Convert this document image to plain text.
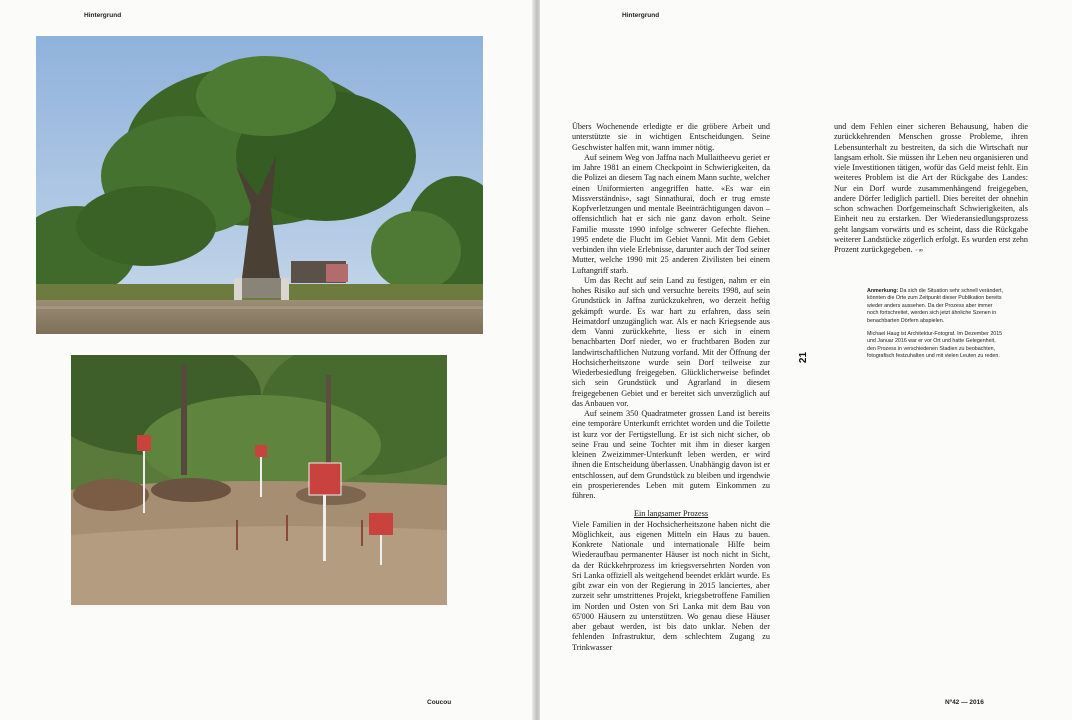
Hintergrund
Coucou
Hintergrund

Übers Wochenende erledigte er die gröbere Arbeit und unterstützte sie in wichtigen Entscheidungen. Seine Geschwister halfen mit, wann immer nötig.

Auf seinem Weg von Jaffna nach Mullaitheevu geriet er im Jahre 1981 an einem Checkpoint in Schwierigkeiten, da die Polizei an diesem Tag nach einem Mann suchte, welcher einen Uniformierten angegriffen hatte. «Es war ein Missverständnis», sagt Sinnathurai, doch er trug ernste Kopfverletzungen und mentale Beeinträchtigungen davon – offensichtlich hat er sich nie ganz davon erholt. Seine Familie musste 1990 infolge schwerer Gefechte fliehen. 1995 endete die Flucht im Gebiet Vanni. Mit dem Gebiet verbinden ihn viele Erlebnisse, darunter auch der Tod seiner Mutter, welche 1990 mit 25 anderen Zivilisten bei einem Luftangriff starb.

Um das Recht auf sein Land zu festigen, nahm er ein hohes Risiko auf sich und versuchte bereits 1998, auf sein Grundstück in Jaffna zurückzukehren, wo derzeit heftig gekämpft wurde. Es war hart zu erfahren, dass sein Heimatdorf unzugänglich war. Als er nach Kriegsende aus dem Vanni zurückkehrte, liess er sich in einem benachbarten Dorf nieder, wo er fruchtbaren Boden zur landwirtschaftlichen Nutzung vorfand. Mit der Öffnung der Hochsicherheitszone wurde sein Dorf teilweise zur Wiederbesiedlung freigegeben. Glücklicherweise befindet sich sein Grundstück und Agrarland in diesem freigegebenen Gebiet und er bereitet sich unverzüglich auf das Anbauen vor.

Auf seinem 350 Quadratmeter grossen Land ist bereits eine temporäre Unterkunft errichtet worden und die Toilette ist kurz vor der Fertigstellung. Er ist sich nicht sicher, ob seine Frau und seine Tochter mit ihm in dieser kargen kleinen Zweizimmer-Unterkunft leben werden, er wird ihnen die Entscheidung überlassen. Unabhängig davon ist er entschlossen, auf dem Grundstück zu bleiben und irgendwie ein prosperierendes Leben mit gutem Einkommen zu führen.

Ein langsamer Prozess

Viele Familien in der Hochsicherheitszone haben nicht die Möglichkeit, aus eigenen Mitteln ein Haus zu bauen. Konkrete Nationale und internationale Hilfe beim Wiederaufbau permanenter Häuser ist noch nicht in Sicht, da der Rückkehrprozess im kriegsversehrten Norden von Sri Lanka offiziell als weitgehend beendet erklärt wurde. Es gibt zwar ein von der Regierung in 2015 lanciertes, aber zurzeit sehr umstrittenes Projekt, kriegsbetroffene Familien im Norden und Osten von Sri Lanka mit dem Bau von 65'000 Häusern zu unterstützen. Wo genau diese Häuser aber gebaut werden, ist bis dato unklar. Neben der fehlenden Infrastruktur, dem schlechtem Zugang zu Trinkwasser

und dem Fehlen einer sicheren Behausung, haben die zurückkehrenden Menschen grosse Probleme, ihren Lebensunterhalt zu bestreiten, da sich die Wirtschaft nur langsam erholt. Sie müssen ihr Leben neu organisieren und viele Investitionen tätigen, wofür das Geld meist fehlt. Ein weiteres Problem ist die Art der Rückgabe des Landes: Nur ein Dorf wurde zusammenhängend freigegeben, andere Dörfer lediglich partiell. Dies bereitet der ohnehin schon schwachen Dorfgemeinschaft Schwierigkeiten, als Einheit neu zu erstarken. Der Wiederansiedlungsprozess geht langsam vorwärts und es scheint, dass die Rückgabe weiterer Landstücke zögerlich erfolgt. Es wurden erst zehn Prozent zurückgegeben. ◦∞

Anmerkung: Da sich die Situation sehr schnell verändert, könnten die Orte zum Zeitpunkt dieser Publikation bereits wieder anders aussehen. Da der Prozess aber immer noch fortschreitet, werden sich jetzt ähnliche Szenen in benachbarten Dörfern abspielen.

Michael Haug ist Architektur-Fotograf. Im Dezember 2015 und Januar 2016 war er vor Ort und hatte Gelegenheit, den Prozess in verschiedenen Stadien zu beobachten, fotografisch festzuhalten und mit vielen Leuten zu reden.

Nº42 — 2016
21
